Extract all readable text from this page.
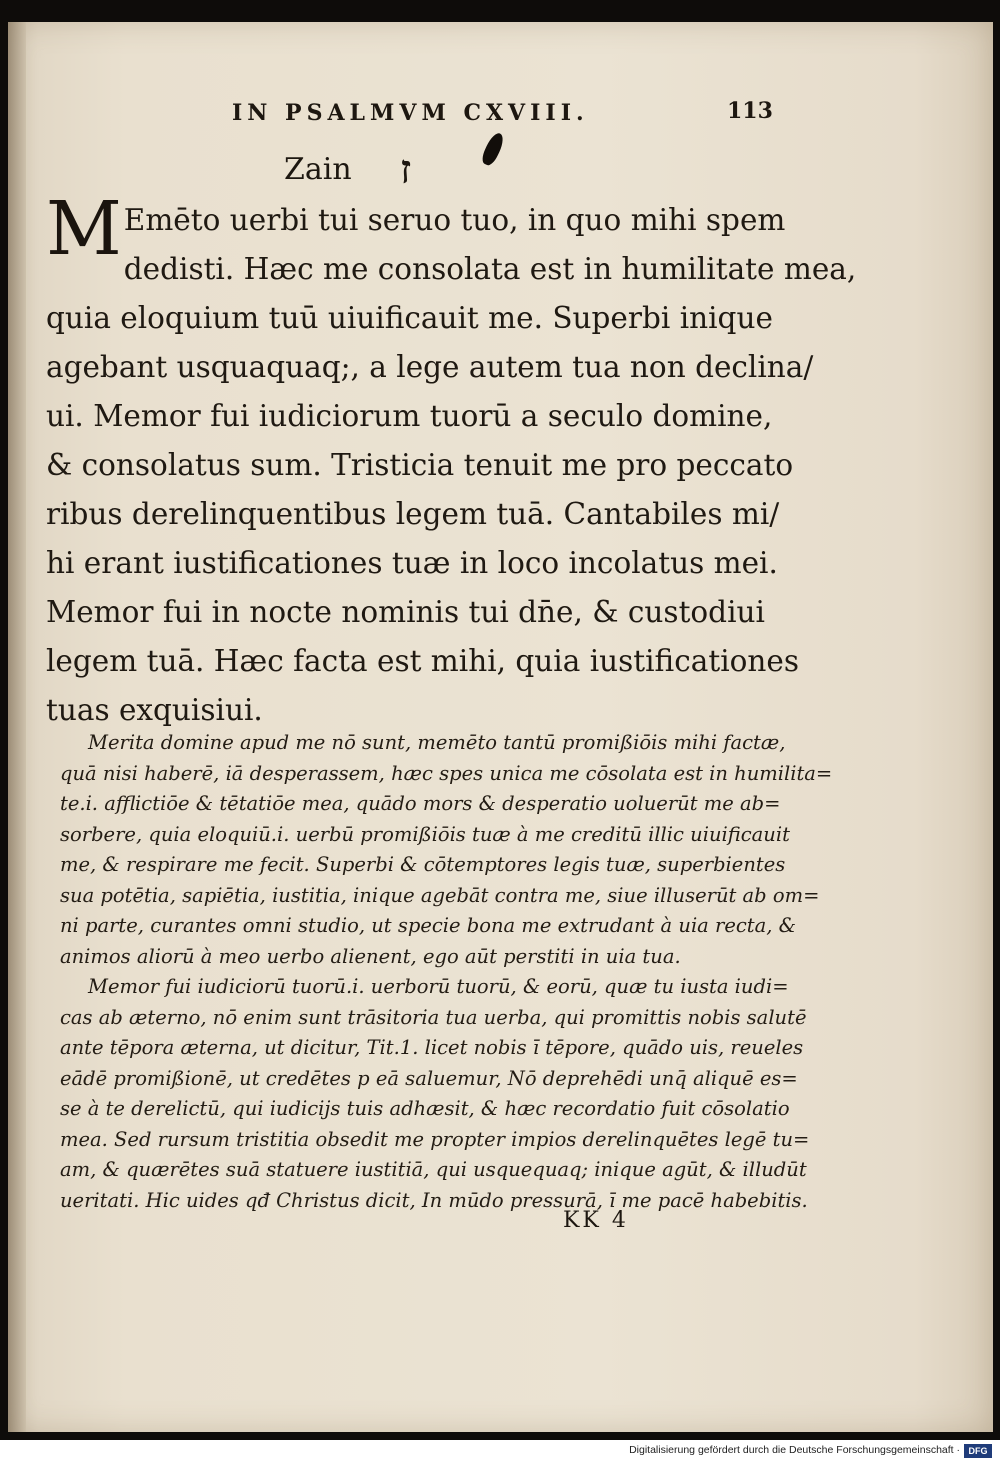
IN PSALMVM CXVIII.	113
Zain ז
M Emēto uerbi tui seruo tuo, in quo mihi spem
dedisti. Hæc me consolata est in humilitate mea,
quia eloquium tuū uiuificauit me. Superbi inique
agebant usquaquaq;, a lege autem tua non declina/
ui. Memor fui iudiciorum tuorū a seculo domine,
& consolatus sum. Tristicia tenuit me pro peccato
ribus derelinquentibus legem tuā. Cantabiles mi/
hi erant iustificationes tuæ in loco incolatus mei.
Memor fui in nocte nominis tui dn̄e, & custodiui
legem tuā. Hæc facta est mihi, quia iustificationes
tuas exquisiui.
Merita domine apud me nō sunt, memēto tantū promißiōis mihi factæ,
quā nisi haberē, iā desperassem, hæc spes unica me cōsolata est in humilita=
te.i. afflictiōe & tētatiōe mea, quādo mors & desperatio uoluerūt me ab=
sorbere, quia eloquiū.i. uerbū promißiōis tuæ à me creditū illic uiuificauit
me, & respirare me fecit. Superbi & cōtemptores legis tuæ, superbientes
sua potētia, sapiētia, iustitia, inique agebāt contra me, siue illuserūt ab om=
ni parte, curantes omni studio, ut specie bona me extrudant à uia recta, &
animos aliorū à meo uerbo alienent, ego aūt perstiti in uia tua.
Memor fui iudiciorū tuorū.i. uerborū tuorū, & eorū, quæ tu iusta iudi=
cas ab æterno, nō enim sunt trāsitoria tua uerba, qui promittis nobis salutē
ante tēpora æterna, ut dicitur, Tit.1. licet nobis ī tēpore, quādo uis, reueles
eādē promißionē, ut credētes p eā saluemur, Nō deprehēdi unq̄ aliquē es=
se à te derelictū, qui iudicijs tuis adhæsit, & hæc recordatio fuit cōsolatio
mea. Sed rursum tristitia obsedit me propter impios derelinquētes legē tu=
am, & quærētes suā statuere iustitiā, qui usquequaq; inique agūt, & illudūt
ueritati. Hic uides qđ Christus dicit, In mūdo pressurā, ī me pacē habebitis.
KK 4
Digitalisierung gefördert durch die Deutsche Forschungsgemeinschaft · DFG
